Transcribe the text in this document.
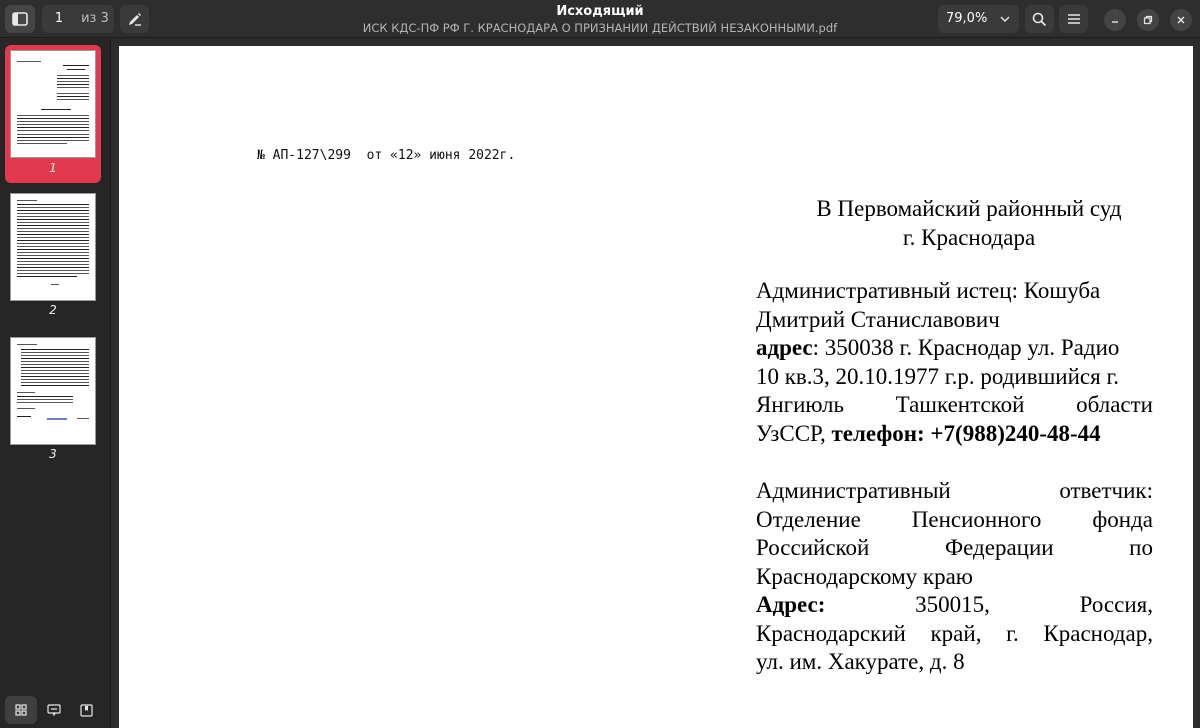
1	из 3	Исходящий
ИСК КДС-ПФ РФ Г. КРАСНОДАРА О ПРИЗНАНИИ ДЕЙСТВИЙ НЕЗАКОННЫМИ.pdf
79,0%
1
2
3
№ АП-127\299  от «12» июня 2022г.
В Первомайский районный суд
г. Краснодара
Административный истец: Кошуба
Дмитрий Станиславович
адрес: 350038 г. Краснодар ул. Радио
10 кв.3, 20.10.1977 г.р. родившийся г.
Янгиюль Ташкентской области
УзССР, телефон: +7(988)240-48-44
Административный	ответчик:
Отделение Пенсионного фонда
Российской	Федерации	по
Краснодарскому краю
Адрес:	350015,	Россия,
Краснодарский край, г. Краснодар,
ул. им. Хакурате, д. 8
